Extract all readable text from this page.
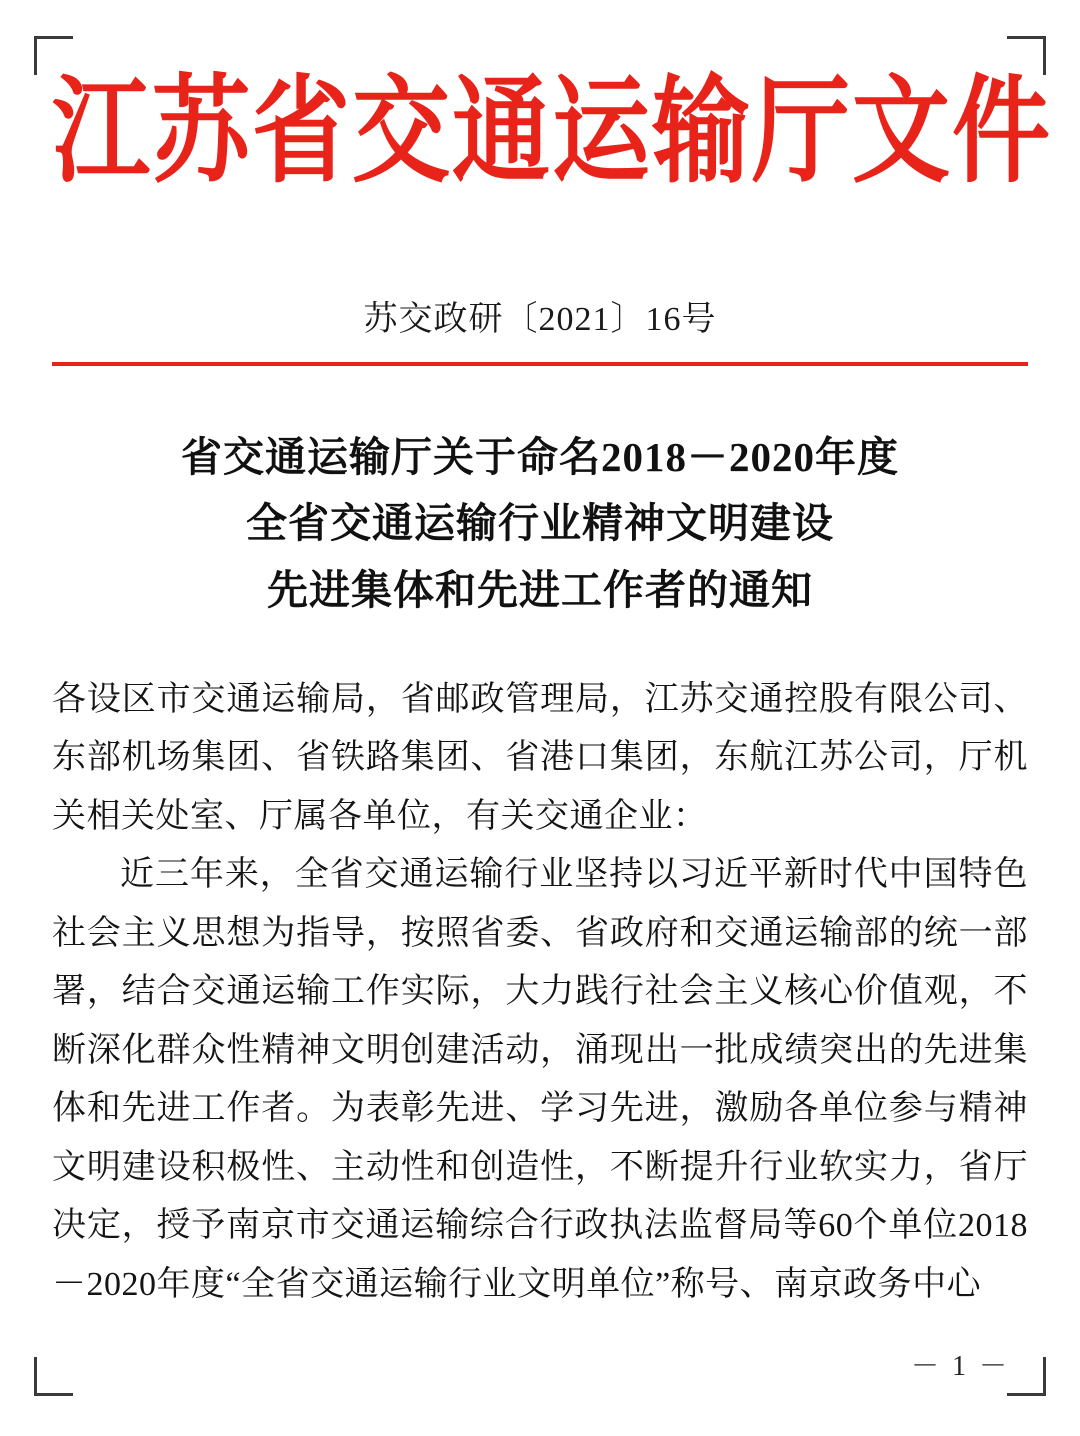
江苏省交通运输厅文件
苏交政研〔2021〕16号
省交通运输厅关于命名2018－2020年度
全省交通运输行业精神文明建设
先进集体和先进工作者的通知

各设区市交通运输局，省邮政管理局，江苏交通控股有限公司、东部机场集团、省铁路集团、省港口集团，东航江苏公司，厅机关相关处室、厅属各单位，有关交通企业：

近三年来，全省交通运输行业坚持以习近平新时代中国特色社会主义思想为指导，按照省委、省政府和交通运输部的统一部署，结合交通运输工作实际，大力践行社会主义核心价值观，不断深化群众性精神文明创建活动，涌现出一批成绩突出的先进集体和先进工作者。为表彰先进、学习先进，激励各单位参与精神文明建设积极性、主动性和创造性，不断提升行业软实力，省厅决定，授予南京市交通运输综合行政执法监督局等60个单位2018－2020年度“全省交通运输行业文明单位”称号、南京政务中心

－ 1 －
